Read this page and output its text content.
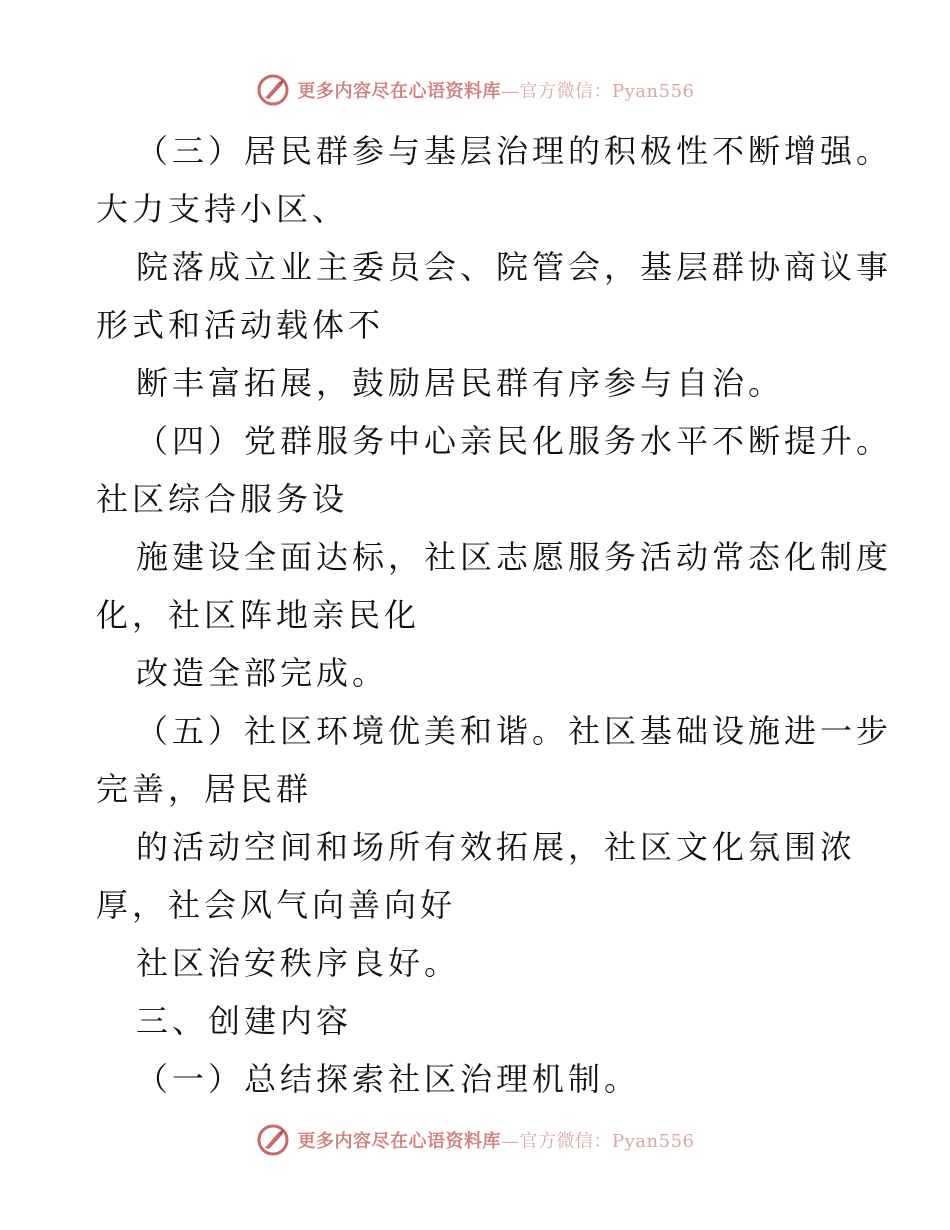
更多内容尽在心语资料库—官方微信：Pyan556
（三）居民群参与基层治理的积极性不断增强。
大力支持小区、
院落成立业主委员会、院管会，基层群协商议事
形式和活动载体不
断丰富拓展，鼓励居民群有序参与自治。
（四）党群服务中心亲民化服务水平不断提升。
社区综合服务设
施建设全面达标，社区志愿服务活动常态化制度
化，社区阵地亲民化
改造全部完成。
（五）社区环境优美和谐。社区基础设施进一步
完善，居民群
的活动空间和场所有效拓展，社区文化氛围浓
厚，社会风气向善向好
社区治安秩序良好。
三、创建内容
（一）总结探索社区治理机制。
更多内容尽在心语资料库—官方微信：Pyan556
